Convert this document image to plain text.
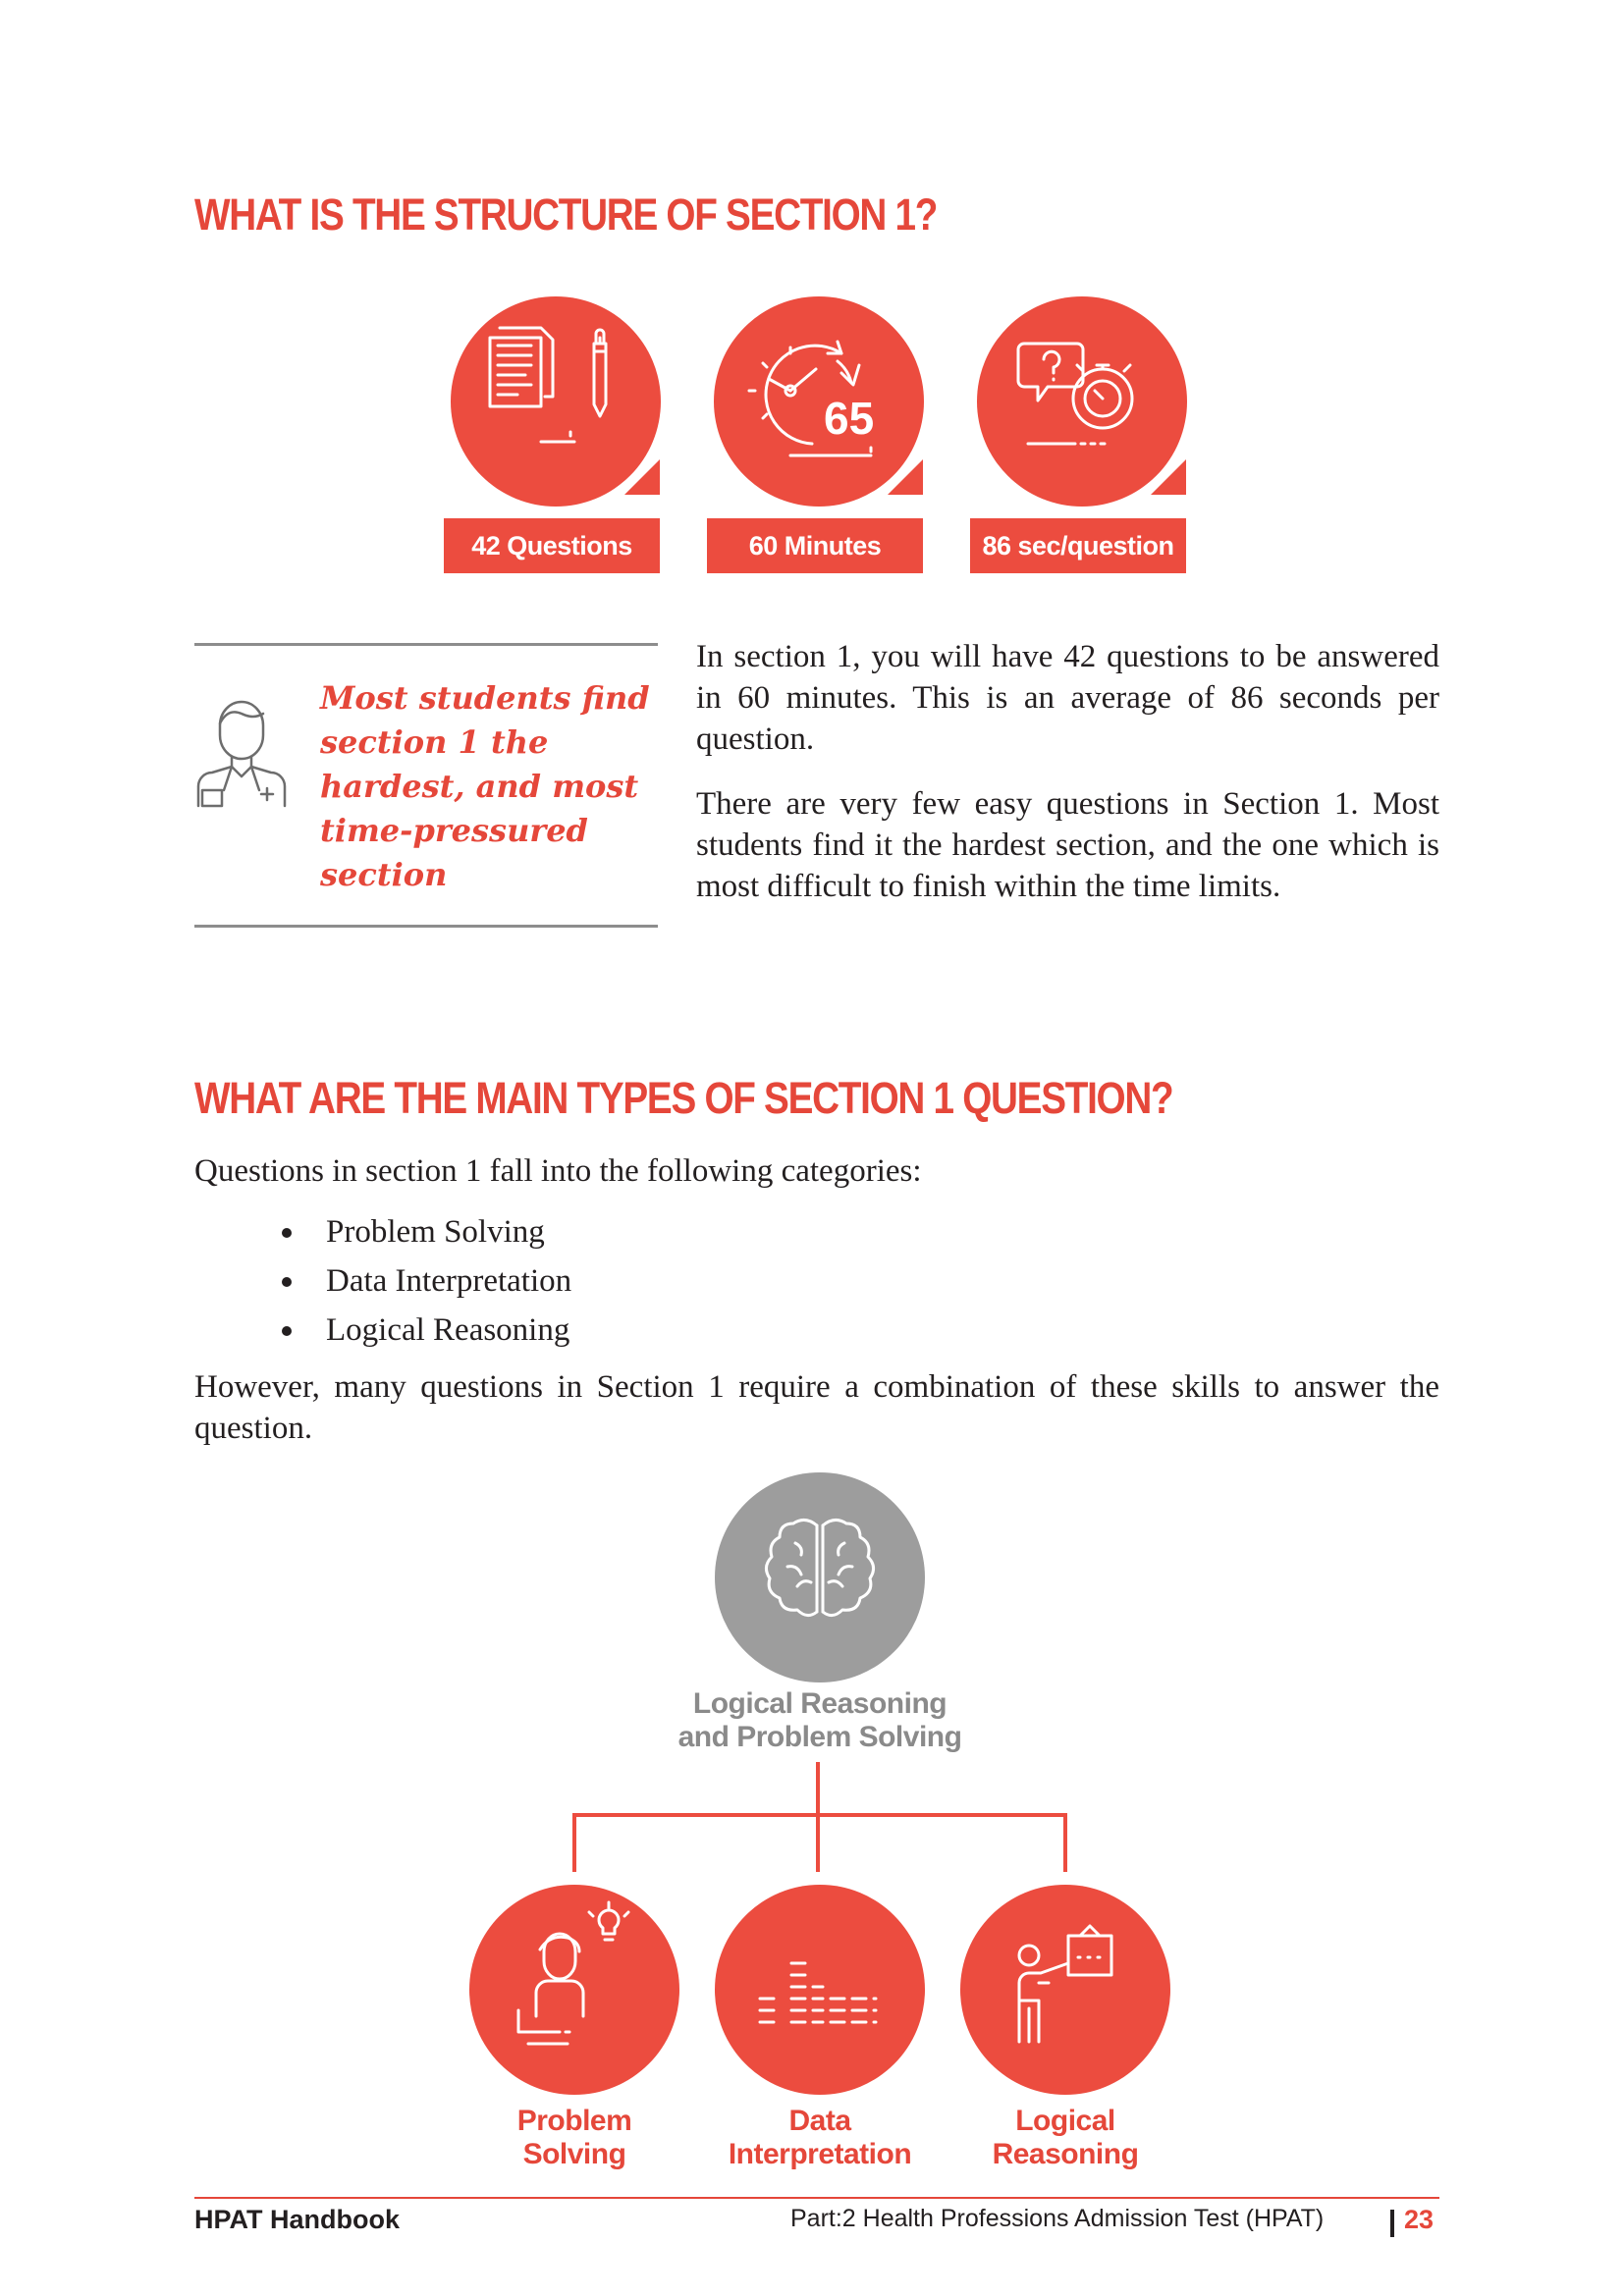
WHAT IS THE STRUCTURE OF SECTION 1?
42 Questions
65
60 Minutes	86 sec/question
Most students find section 1 the hardest, and most time-pressured section

In section 1, you will have 42 questions to be answered in 60 minutes. This is an average of 86 seconds per question.

There are very few easy questions in Section 1. Most students find it the hardest section, and the one which is most difficult to finish within the time limits.

WHAT ARE THE MAIN TYPES OF SECTION 1 QUESTION?

Questions in section 1 fall into the following categories:

Problem Solving
Data Interpretation
Logical Reasoning

However, many questions in Section 1 require a combination of these skills to answer the question.

Logical Reasoning
and Problem Solving
Problem
Solving
Data
Interpretation
Logical
Reasoning
HPAT Handbook	Part:2 Health Professions Admission Test (HPAT)	23
